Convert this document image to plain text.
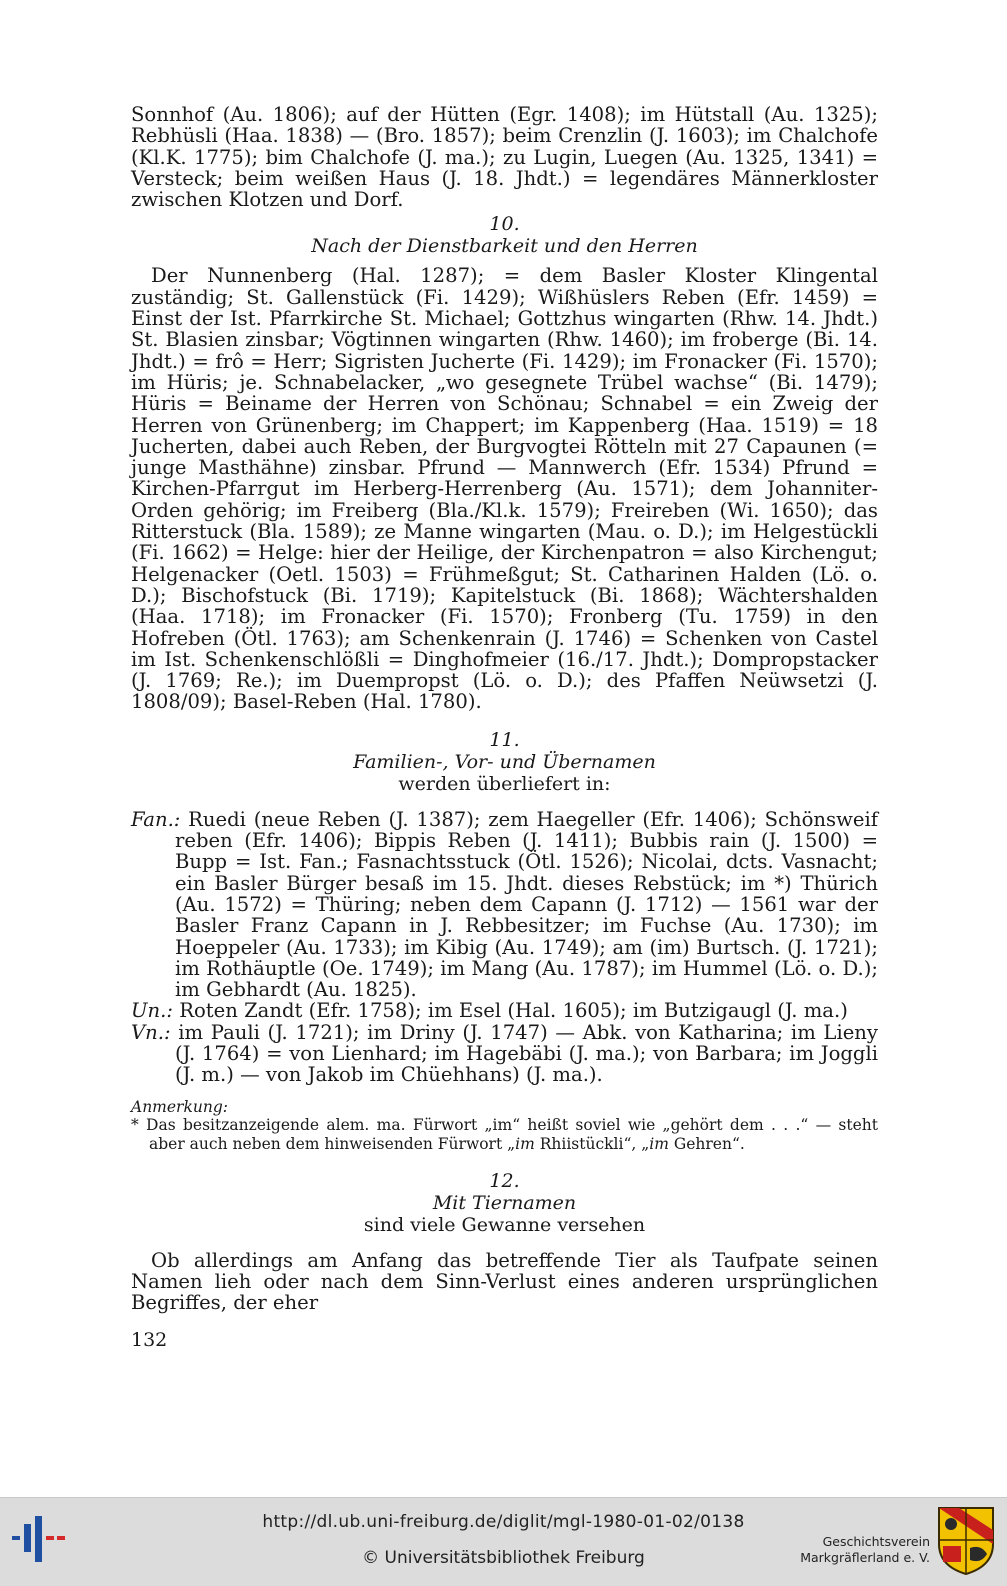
Sonnhof (Au. 1806); auf der Hütten (Egr. 1408); im Hütstall (Au. 1325); Rebhüsli (Haa. 1838) — (Bro. 1857); beim Crenzlin (J. 1603); im Chalchofe (Kl.K. 1775); bim Chalchofe (J. ma.); zu Lugin, Luegen (Au. 1325, 1341) = Versteck; beim weißen Haus (J. 18. Jhdt.) = legendäres Männerkloster zwischen Klotzen und Dorf.

10.

Nach der Dienstbarkeit und den Herren

Der Nunnenberg (Hal. 1287); = dem Basler Kloster Klingental zuständig; St. Gallenstück (Fi. 1429); Wißhüslers Reben (Efr. 1459) = Einst der Ist. Pfarrkirche St. Michael; Gottzhus wingarten (Rhw. 14. Jhdt.) St. Blasien zinsbar; Vögtinnen wingarten (Rhw. 1460); im froberge (Bi. 14. Jhdt.) = frô = Herr; Sigristen Jucherte (Fi. 1429); im Fronacker (Fi. 1570); im Hüris; je. Schnabelacker, „wo gesegnete Trübel wachse“ (Bi. 1479); Hüris = Beiname der Herren von Schönau; Schnabel = ein Zweig der Herren von Grünenberg; im Chappert; im Kappenberg (Haa. 1519) = 18 Jucherten, dabei auch Reben, der Burgvogtei Rötteln mit 27 Capaunen (= junge Masthähne) zinsbar. Pfrund — Mannwerch (Efr. 1534) Pfrund = Kirchen-Pfarrgut im Herberg-Herrenberg (Au. 1571); dem Johanniter-Orden gehörig; im Freiberg (Bla./Kl.k. 1579); Freireben (Wi. 1650); das Ritterstuck (Bla. 1589); ze Manne wingarten (Mau. o. D.); im Helgestückli (Fi. 1662) = Helge: hier der Heilige, der Kirchenpatron = also Kirchengut; Helgenacker (Oetl. 1503) = Frühmeßgut; St. Catharinen Halden (Lö. o. D.); Bischofstuck (Bi. 1719); Kapitelstuck (Bi. 1868); Wächtershalden (Haa. 1718); im Fronacker (Fi. 1570); Fronberg (Tu. 1759) in den Hofreben (Ötl. 1763); am Schenkenrain (J. 1746) = Schenken von Castel im Ist. Schenkenschlößli = Dinghofmeier (16./17. Jhdt.); Dompropstacker (J. 1769; Re.); im Duempropst (Lö. o. D.); des Pfaffen Neüwsetzi (J. 1808/09); Basel-Reben (Hal. 1780).

11.

Familien-, Vor- und Übernamen

werden überliefert in:

Fan.: Ruedi (neue Reben (J. 1387); zem Haegeller (Efr. 1406); Schönsweif reben (Efr. 1406); Bippis Reben (J. 1411); Bubbis rain (J. 1500) = Bupp = Ist. Fan.; Fasnachtsstuck (Ötl. 1526); Nicolai, dcts. Vasnacht; ein Basler Bürger besaß im 15. Jhdt. dieses Rebstück; im *) Thürich (Au. 1572) = Thüring; neben dem Capann (J. 1712) — 1561 war der Basler Franz Capann in J. Rebbesitzer; im Fuchse (Au. 1730); im Hoeppeler (Au. 1733); im Kibig (Au. 1749); am (im) Burtsch. (J. 1721); im Rothäuptle (Oe. 1749); im Mang (Au. 1787); im Hummel (Lö. o. D.); im Gebhardt (Au. 1825).

Un.: Roten Zandt (Efr. 1758); im Esel (Hal. 1605); im Butzigaugl (J. ma.)

Vn.: im Pauli (J. 1721); im Driny (J. 1747) — Abk. von Katharina; im Lieny (J. 1764) = von Lienhard; im Hagebäbi (J. ma.); von Barbara; im Joggli (J. m.) — von Jakob im Chüehhans) (J. ma.).

Anmerkung:

* Das besitzanzeigende alem. ma. Fürwort „im“ heißt soviel wie „gehört dem . . .“ — steht aber auch neben dem hinweisenden Fürwort „im Rhiistückli“, „im Gehren“.

12.

Mit Tiernamen

sind viele Gewanne versehen

Ob allerdings am Anfang das betreffende Tier als Taufpate seinen Namen lieh oder nach dem Sinn-Verlust eines anderen ursprünglichen Begriffes, der eher

132

http://dl.ub.uni-freiburg.de/diglit/mgl-1980-01-02/0138
© Universitätsbibliothek Freiburg
Geschichtsverein
Markgräflerland e. V.
